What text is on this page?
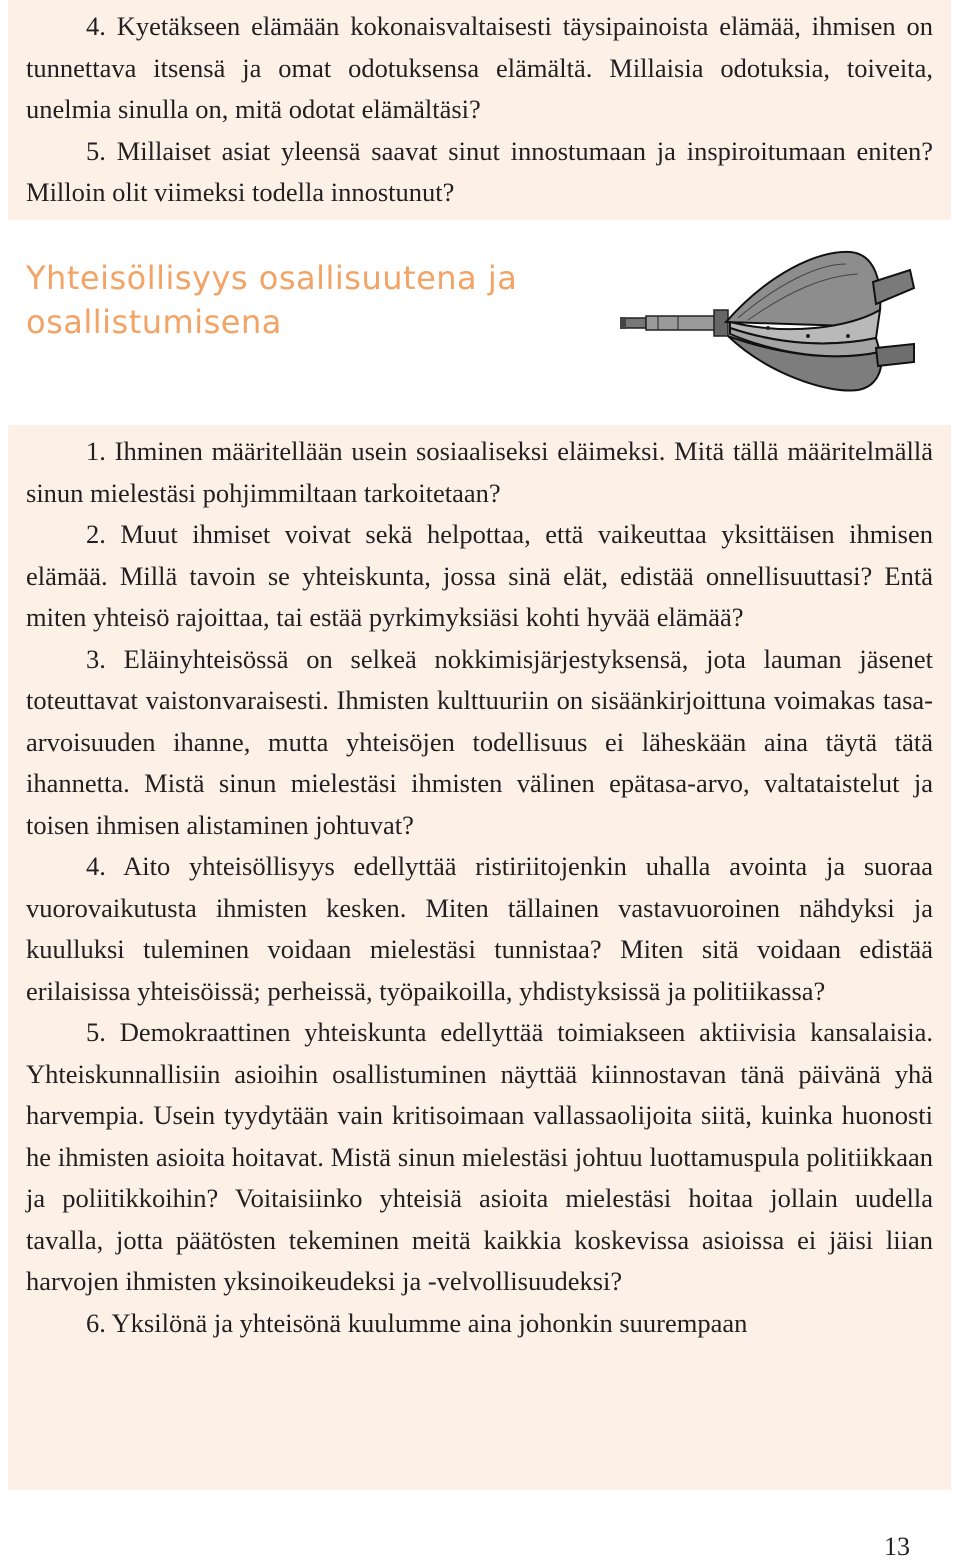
4. Kyetäkseen elämään kokonaisvaltaisesti täysipainoista elämää, ihmisen on tunnettava itsensä ja omat odotuksensa elämältä. Millaisia odotuksia, toiveita, unelmia sinulla on, mitä odotat elämältäsi?

5. Millaiset asiat yleensä saavat sinut innostumaan ja inspiroitumaan eniten? Milloin olit viimeksi todella innostunut?

Yhteisöllisyys osallisuutena ja
osallistumisena

1. Ihminen määritellään usein sosiaaliseksi eläimeksi. Mitä tällä määritelmällä sinun mielestäsi pohjimmiltaan tarkoitetaan?

2. Muut ihmiset voivat sekä helpottaa, että vaikeuttaa yksittäisen ihmisen elämää. Millä tavoin se yhteiskunta, jossa sinä elät, edistää onnellisuuttasi? Entä miten yhteisö rajoittaa, tai estää pyrkimyksiäsi kohti hyvää elämää?

3. Eläinyhteisössä on selkeä nokkimisjärjestyksensä, jota lauman jäsenet toteuttavat vaistonvaraisesti. Ihmisten kulttuuriin on sisäänkirjoittuna voimakas tasa-arvoisuuden ihanne, mutta yhteisöjen todellisuus ei läheskään aina täytä tätä ihannetta. Mistä sinun mielestäsi ihmisten välinen epätasa-arvo, valtataistelut ja toisen ihmisen alistaminen johtuvat?

4. Aito yhteisöllisyys edellyttää ristiriitojenkin uhalla avointa ja suoraa vuorovaikutusta ihmisten kesken. Miten tällainen vastavuoroinen nähdyksi ja kuulluksi tuleminen voidaan mielestäsi tunnistaa? Miten sitä voidaan edistää erilaisissa yhteisöissä; perheissä, työpaikoilla, yhdistyksissä ja politiikassa?

5. Demokraattinen yhteiskunta edellyttää toimiakseen aktiivisia kansalaisia. Yhteiskunnallisiin asioihin osallistuminen näyttää kiinnostavan tänä päivänä yhä harvempia. Usein tyydytään vain kritisoimaan vallassaolijoita siitä, kuinka huonosti he ihmisten asioita hoitavat. Mistä sinun mielestäsi johtuu luottamuspula politiikkaan ja poliitikkoihin? Voitaisiinko yhteisiä asioita mielestäsi hoitaa jollain uudella tavalla, jotta päätösten tekeminen meitä kaikkia koskevissa asioissa ei jäisi liian harvojen ihmisten yksinoikeudeksi ja -velvollisuudeksi?

6. Yksilönä ja yhteisönä kuulumme aina johonkin suurempaan

13
